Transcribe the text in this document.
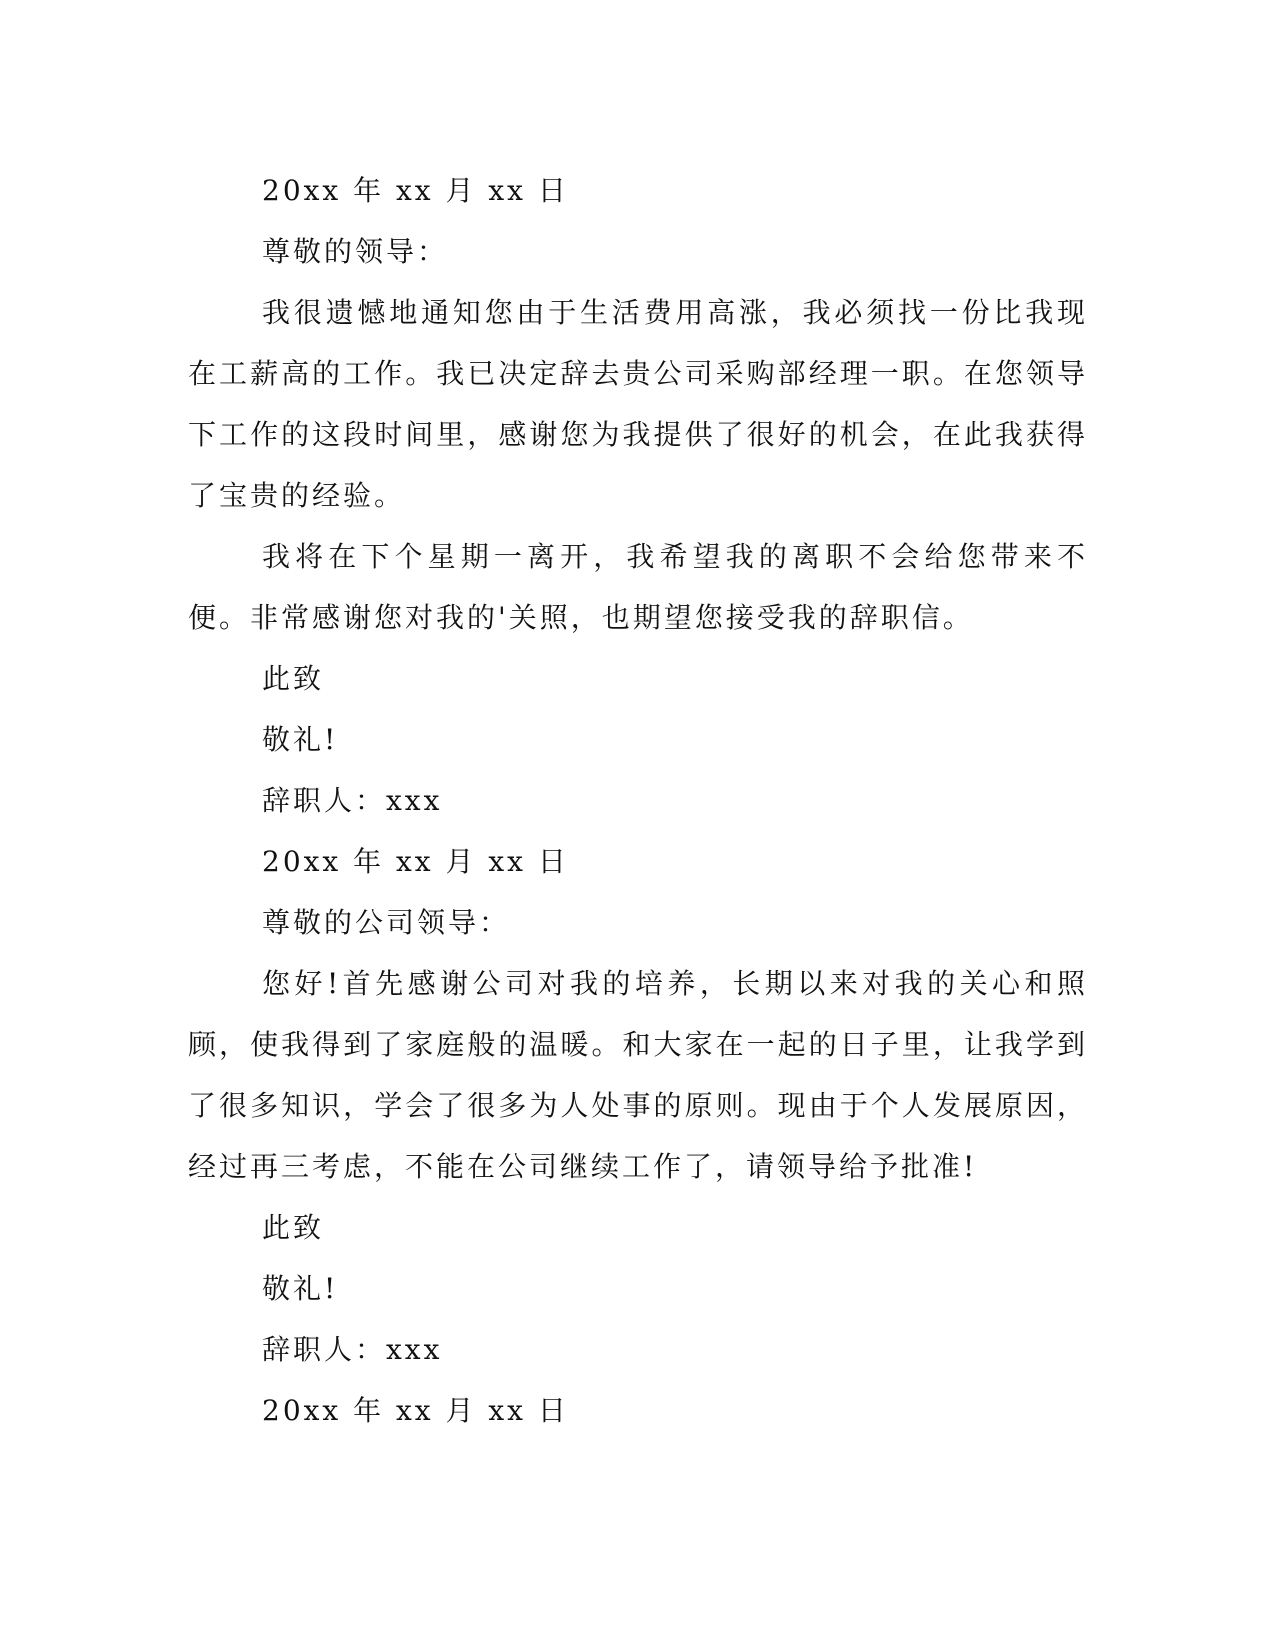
20xx 年 xx 月 xx 日

尊敬的领导：

我很遗憾地通知您由于生活费用高涨，我必须找一份比我现在工薪高的工作。我已决定辞去贵公司采购部经理一职。在您领导下工作的这段时间里，感谢您为我提供了很好的机会，在此我获得了宝贵的经验。

我将在下个星期一离开，我希望我的离职不会给您带来不便。非常感谢您对我的'关照，也期望您接受我的辞职信。

此致

敬礼!

辞职人：xxx

20xx 年 xx 月 xx 日

尊敬的公司领导：

您好!首先感谢公司对我的培养，长期以来对我的关心和照顾，使我得到了家庭般的温暖。和大家在一起的日子里，让我学到了很多知识，学会了很多为人处事的原则。现由于个人发展原因，经过再三考虑，不能在公司继续工作了，请领导给予批准!

此致

敬礼!

辞职人：xxx

20xx 年 xx 月 xx 日
